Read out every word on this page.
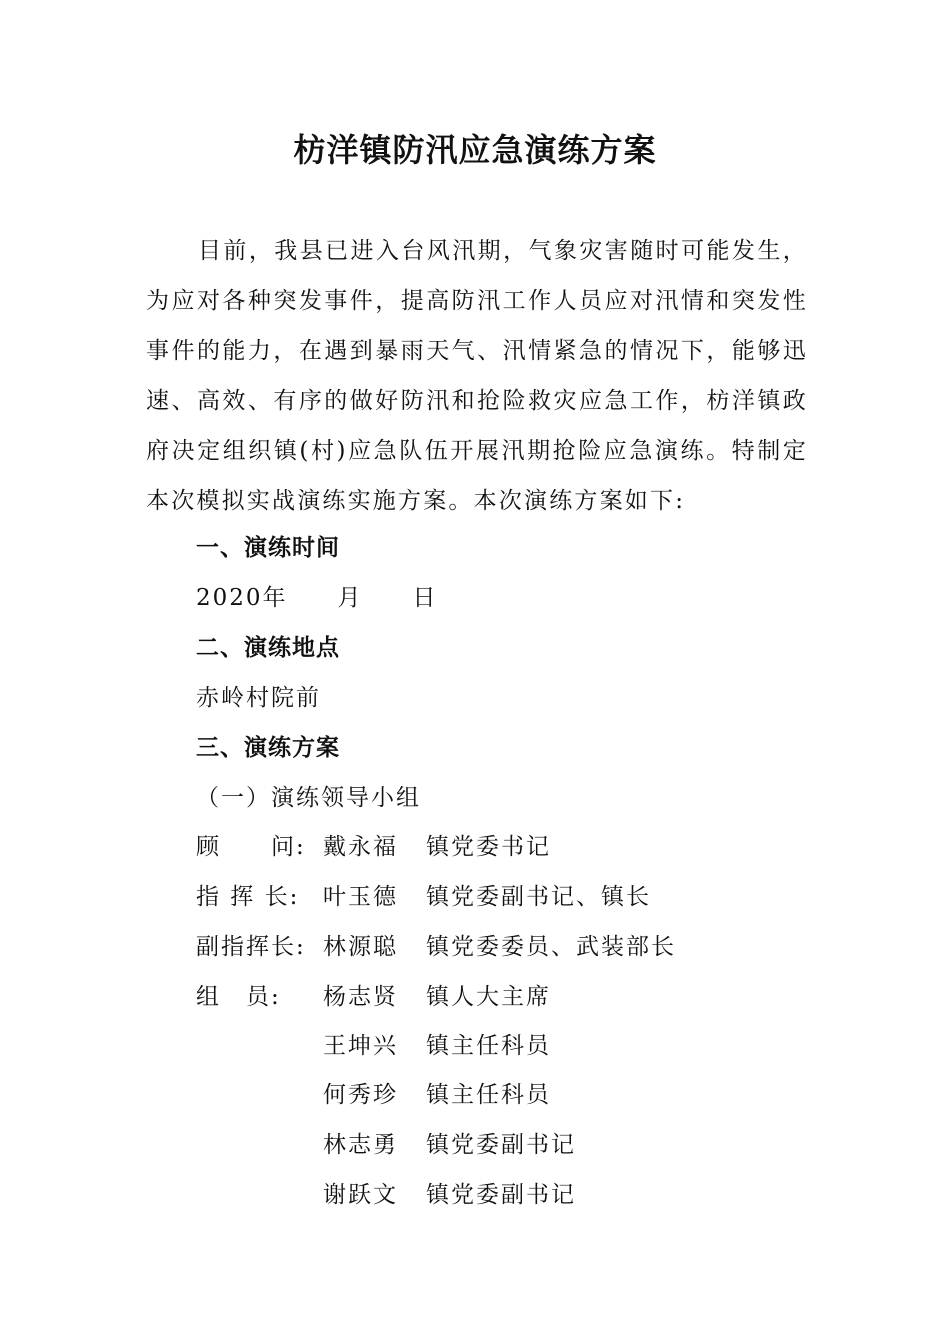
枋洋镇防汛应急演练方案

目前，我县已进入台风汛期，气象灾害随时可能发生，为应对各种突发事件，提高防汛工作人员应对汛情和突发性事件的能力，在遇到暴雨天气、汛情紧急的情况下，能够迅速、高效、有序的做好防汛和抢险救灾应急工作，枋洋镇政府决定组织镇(村)应急队伍开展汛期抢险应急演练。特制定本次模拟实战演练实施方案。本次演练方案如下:

一、演练时间
2020年　　月　　日
二、演练地点
赤岭村院前
三、演练方案
（一）演练领导小组
顾　　问: 戴永福 镇党委书记
指 挥 长: 叶玉德 镇党委副书记、镇长
副指挥长: 林源聪 镇党委委员、武装部长
组　员: 杨志贤 镇人大主席
王坤兴 镇主任科员
何秀珍 镇主任科员
林志勇 镇党委副书记
谢跃文 镇党委副书记
